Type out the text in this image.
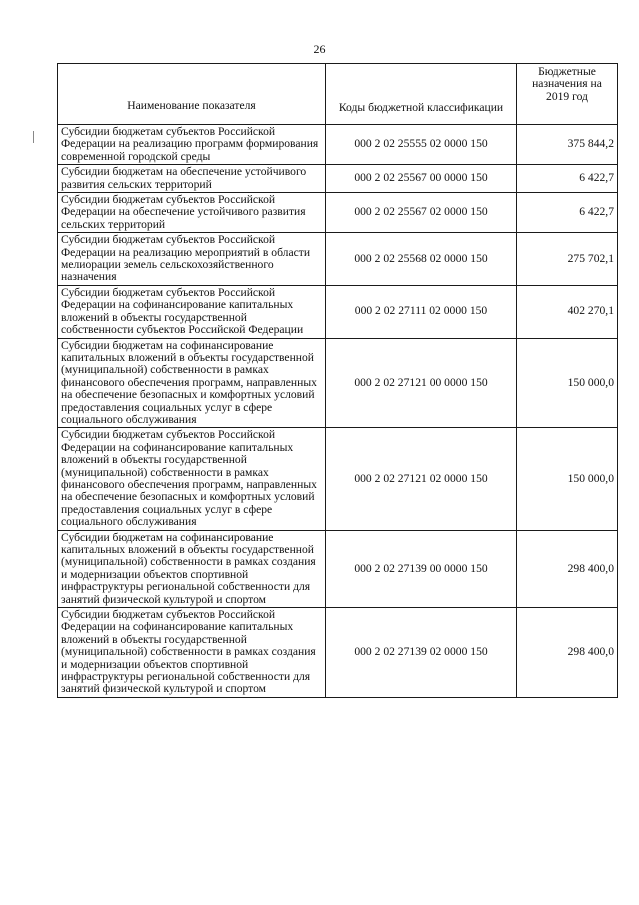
26
Наименование показателя	Коды бюджетной классификации	Бюджетные назначения на 2019 год
Субсидии бюджетам субъектов Российской Федерации на реализацию программ формирования современной городской среды	000 2 02 25555 02 0000 150	375 844,2
Субсидии бюджетам на обеспечение устойчивого развития сельских территорий	000 2 02 25567 00 0000 150	6 422,7
Субсидии бюджетам субъектов Российской Федерации на обеспечение устойчивого развития сельских территорий	000 2 02 25567 02 0000 150	6 422,7
Субсидии бюджетам субъектов Российской Федерации на реализацию мероприятий в области мелиорации земель сельскохозяйственного назначения	000 2 02 25568 02 0000 150	275 702,1
Субсидии бюджетам субъектов Российской Федерации на софинансирование капитальных вложений в объекты государственной собственности субъектов Российской Федерации	000 2 02 27111 02 0000 150	402 270,1
Субсидии бюджетам на софинансирование капитальных вложений в объекты государственной (муниципальной) собственности в рамках финансового обеспечения программ, направленных на обеспечение безопасных и комфортных условий предоставления социальных услуг в сфере социального обслуживания	000 2 02 27121 00 0000 150	150 000,0
Субсидии бюджетам субъектов Российской Федерации на софинансирование капитальных вложений в объекты государственной (муниципальной) собственности в рамках финансового обеспечения программ, направленных на обеспечение безопасных и комфортных условий предоставления социальных услуг в сфере социального обслуживания	000 2 02 27121 02 0000 150	150 000,0
Субсидии бюджетам на софинансирование капитальных вложений в объекты государственной (муниципальной) собственности в рамках создания и модернизации объектов спортивной инфраструктуры региональной собственности для занятий физической культурой и спортом	000 2 02 27139 00 0000 150	298 400,0
Субсидии бюджетам субъектов Российской Федерации на софинансирование капитальных вложений в объекты государственной (муниципальной) собственности в рамках создания и модернизации объектов спортивной инфраструктуры региональной собственности для занятий физической культурой и спортом	000 2 02 27139 02 0000 150	298 400,0
